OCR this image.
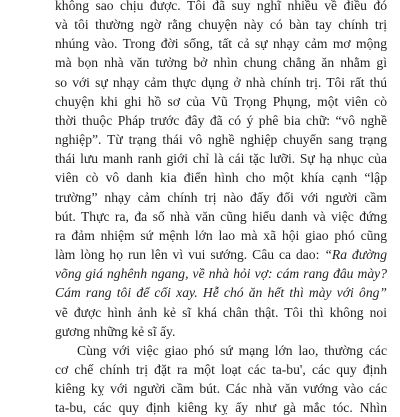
không sao chịu được. Tôi đã suy nghĩ nhiều về điều đó
và tôi thường ngờ rằng chuyện này có bàn tay chính trị
nhúng vào. Trong đời sống, tất cả sự nhạy cảm mơ mộng
mà bọn nhà văn tưởng bở nhìn chung chẳng ăn nhằm gì
so với sự nhạy cảm thực dụng ở nhà chính trị. Tôi rất thú
chuyện khi ghi hồ sơ của Vũ Trọng Phụng, một viên cò
thời thuộc Pháp trước đây đã có ý phê bia chữ: “vô nghề
nghiệp”. Từ trạng thái vô nghề nghiệp chuyển sang trạng
thái lưu manh ranh giới chỉ là cái tặc lưỡi. Sự hạ nhục của
viên cò vô danh kia điển hình cho một khía cạnh “lập
trường” nhạy cảm chính trị nào đấy đối với người cầm
bút. Thực ra, đa số nhà văn cũng hiểu danh và việc đứng
ra đảm nhiệm sứ mệnh lớn lao mà xã hội giao phó cũng
làm lòng họ run lên vì vui sướng. Câu ca dao: “Ra đường
võng giá nghênh ngang, về nhà hỏi vợ: cám rang đâu mày?
Cám rang tôi để cối xay. Hễ chó ăn hết thì mày với ông”
vẽ được hình ảnh kẻ sĩ khá chân thật. Tôi thì không noi
gương những kẻ sĩ ấy.
Cùng với việc giao phó sứ mạng lớn lao, thường các
cơ chế chính trị đặt ra một loạt các ta-bu', các quy định
kiêng kỵ với người cầm bút. Các nhà văn vướng vào các
ta-bu, các quy định kiêng kỵ ấy như gà mắc tóc. Nhìn
